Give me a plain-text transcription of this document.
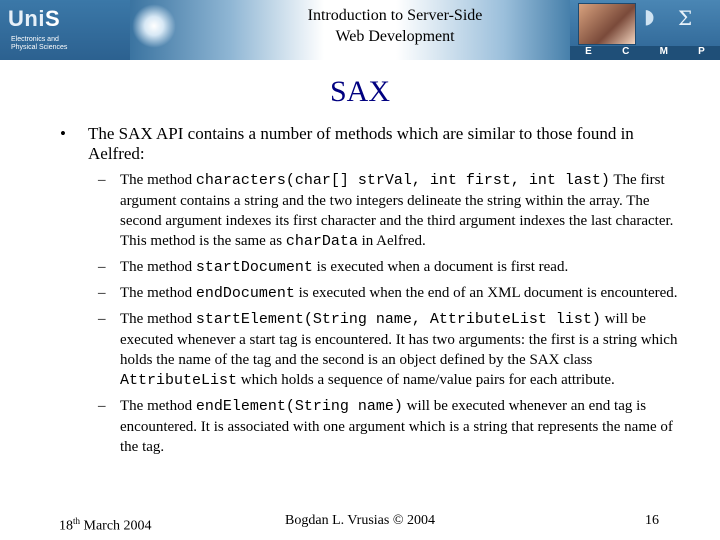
UniS
Electronics and
Physical Sciences
Introduction to Server-Side
Web Development
◗	Σ
E	C	M	P
SAX
• The SAX API contains a number of methods which are similar to those found in Aelfred:
– The method characters(char[] strVal, int first, int last) The first argument contains a string and the two integers delineate the string within the array. The second argument indexes its first character and the third argument indexes the last character. This method is the same as charData in Aelfred.
– The method startDocument is executed when a document is first read.
– The method endDocument is executed when the end of an XML document is encountered.
– The method startElement(String name, AttributeList list) will be executed whenever a start tag is encountered. It has two arguments: the first is a string which holds the name of the tag and the second is an object defined by the SAX class AttributeList which holds a sequence of name/value pairs for each attribute.
– The method endElement(String name) will be executed whenever an end tag is encountered. It is associated with one argument which is a string that represents the name of the tag.
18th March 2004	Bogdan L. Vrusias © 2004	16
